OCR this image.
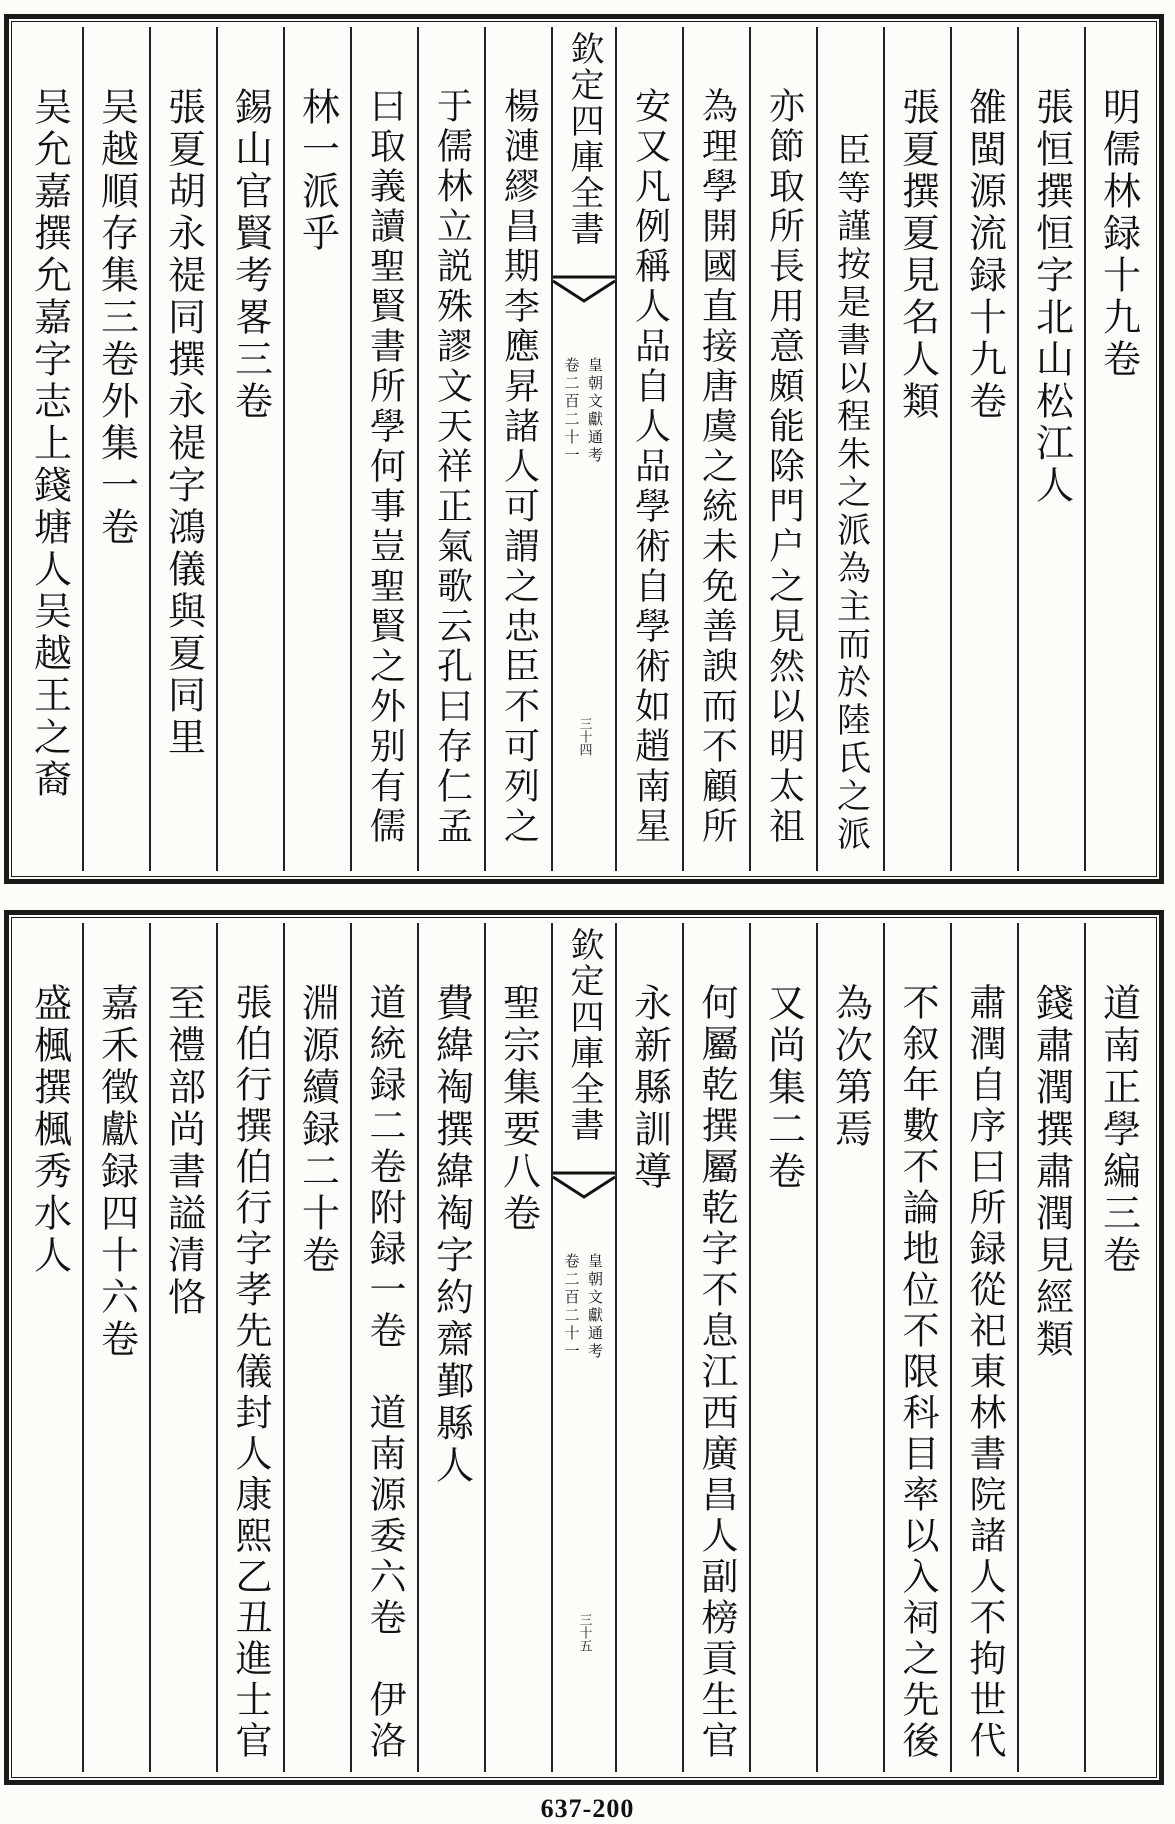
明儒林録十九卷
張恒撰恒字北山松江人
雒閩源流録十九卷
張夏撰夏見名人類
臣等謹按是書以程朱之派為主而於陸氏之派
亦節取所長用意頗能除門户之見然以明太祖
為理學開國直接唐虞之統未免善諛而不顧所
安又凡例稱人品自人品學術自學術如趙南星
欽定四庫全書
皇朝文獻通考
卷二百二十一
三十四
楊漣繆昌期李應昇諸人可謂之忠臣不可列之
于儒林立説殊謬文天祥正氣歌云孔曰存仁孟
曰取義讀聖賢書所學何事豈聖賢之外别有儒
林一派乎
錫山官賢考畧三卷
張夏胡永禔同撰永禔字鴻儀與夏同里
吴越順存集三卷外集一卷
吴允嘉撰允嘉字志上錢塘人吴越王之裔
道南正學編三卷
錢肅潤撰肅潤見經類
肅潤自序曰所録從祀東林書院諸人不拘世代
不叙年數不論地位不限科目率以入祠之先後
為次第焉
又尚集二卷
何屬乾撰屬乾字不息江西廣昌人副榜貢生官
永新縣訓導
欽定四庫全書
皇朝文獻通考
卷二百二十一
三十五
聖宗集要八卷
費緯祹撰緯祹字約齋鄞縣人
道統録二卷附録一卷　道南源委六卷　伊洛
淵源續録二十卷
張伯行撰伯行字孝先儀封人康熙乙丑進士官
至禮部尚書謚清恪
嘉禾徵獻録四十六卷
盛楓撰楓秀水人
637-200
